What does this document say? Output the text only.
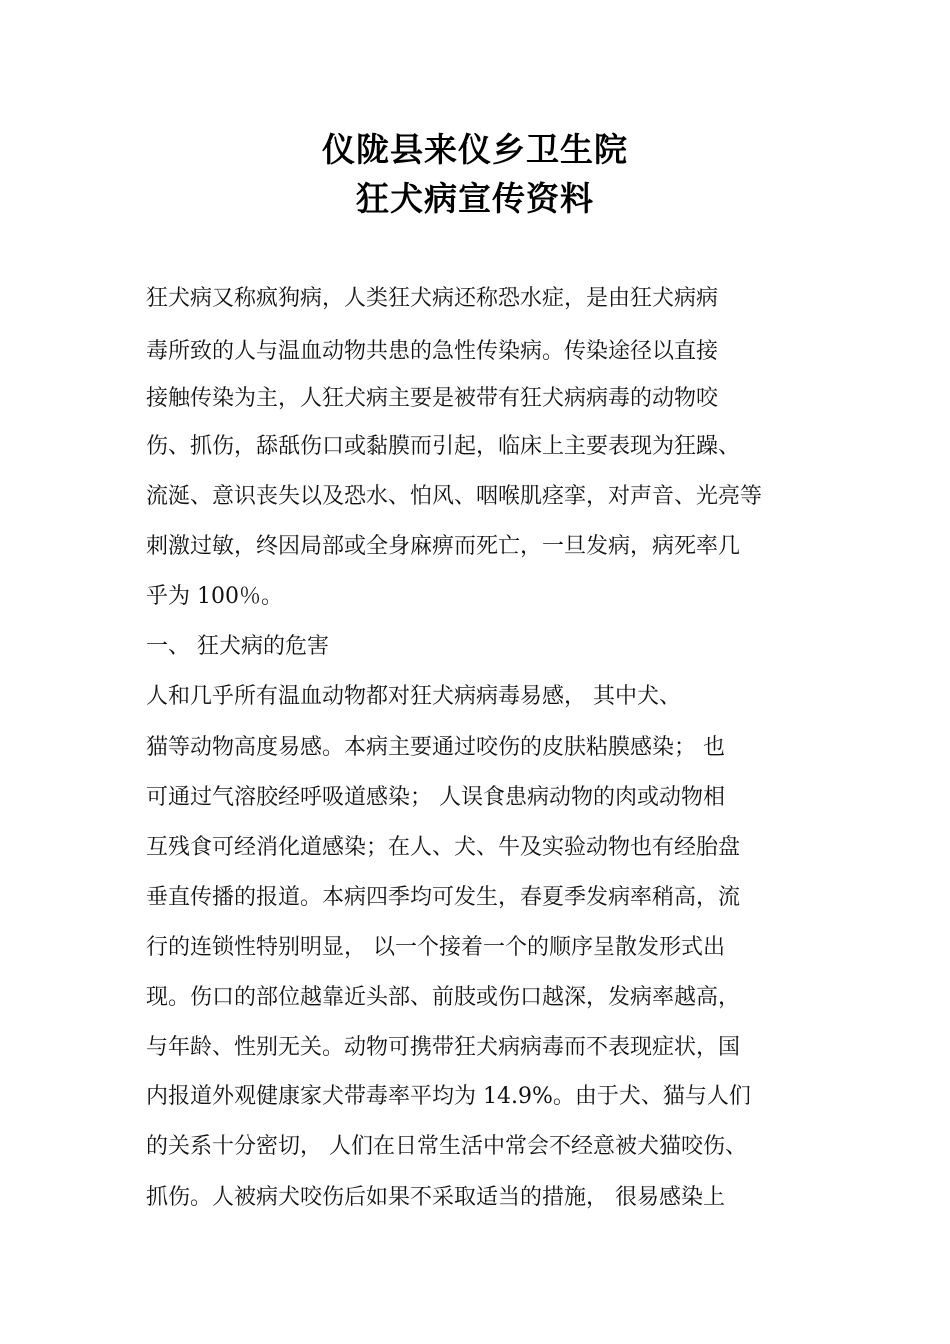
仪陇县来仪乡卫生院
狂犬病宣传资料
狂犬病又称疯狗病，人类狂犬病还称恐水症，是由狂犬病病
毒所致的人与温血动物共患的急性传染病。传染途径以直接
接触传染为主，人狂犬病主要是被带有狂犬病病毒的动物咬
伤、抓伤，舔舐伤口或黏膜而引起，临床上主要表现为狂躁、
流涎、意识丧失以及恐水、怕风、咽喉肌痉挛，对声音、光亮等
刺激过敏，终因局部或全身麻痹而死亡，一旦发病，病死率几
乎为 100％。
一、 狂犬病的危害
人和几乎所有温血动物都对狂犬病病毒易感， 其中犬、
猫等动物高度易感。本病主要通过咬伤的皮肤粘膜感染； 也
可通过气溶胶经呼吸道感染； 人误食患病动物的肉或动物相
互残食可经消化道感染；在人、犬、牛及实验动物也有经胎盘
垂直传播的报道。本病四季均可发生，春夏季发病率稍高，流
行的连锁性特别明显， 以一个接着一个的顺序呈散发形式出
现。伤口的部位越靠近头部、前肢或伤口越深，发病率越高，
与年龄、性别无关。动物可携带狂犬病病毒而不表现症状，国
内报道外观健康家犬带毒率平均为 14.9%。由于犬、猫与人们
的关系十分密切， 人们在日常生活中常会不经意被犬猫咬伤、
抓伤。人被病犬咬伤后如果不采取适当的措施， 很易感染上
